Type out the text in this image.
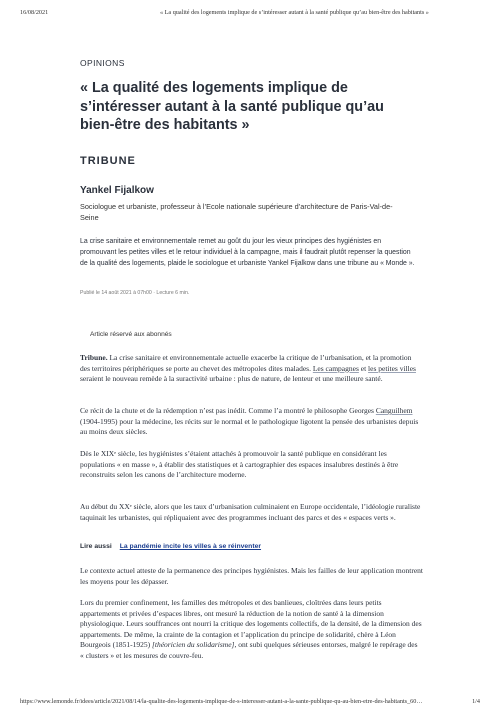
16/08/2021	« La qualité des logements implique de s’intéresser autant à la santé publique qu’au bien-être des habitants »
OPINIONS
« La qualité des logements implique de s’intéresser autant à la santé publique qu’au bien-être des habitants »
TRIBUNE
Yankel Fijalkow
Sociologue et urbaniste, professeur à l’Ecole nationale supérieure d’architecture de Paris-Val-de-Seine
La crise sanitaire et environnementale remet au goût du jour les vieux principes des hygiénistes en promouvant les petites villes et le retour individuel à la campagne, mais il faudrait plutôt repenser la question de la qualité des logements, plaide le sociologue et urbaniste Yankel Fijalkow dans une tribune au « Monde ».
Publié le 14 août 2021 à 07h00 · Lecture 6 min.
Article réservé aux abonnés

Tribune. La crise sanitaire et environnementale actuelle exacerbe la critique de l’urbanisation, et la promotion des territoires périphériques se porte au chevet des métropoles dites malades. Les campagnes et les petites villes seraient le nouveau remède à la suractivité urbaine : plus de nature, de lenteur et une meilleure santé.

Ce récit de la chute et de la rédemption n’est pas inédit. Comme l’a montré le philosophe Georges Canguilhem (1904-1995) pour la médecine, les récits sur le normal et le pathologique ligotent la pensée des urbanistes depuis au moins deux siècles.

Dès le XIXᵉ siècle, les hygiénistes s’étaient attachés à promouvoir la santé publique en considérant les populations « en masse », à établir des statistiques et à cartographier des espaces insalubres destinés à être reconstruits selon les canons de l’architecture moderne.

Au début du XXᵉ siècle, alors que les taux d’urbanisation culminaient en Europe occidentale, l’idéologie ruraliste taquinait les urbanistes, qui répliquaient avec des programmes incluant des parcs et des « espaces verts ».

Lire aussi La pandémie incite les villes à se réinventer

Le contexte actuel atteste de la permanence des principes hygiénistes. Mais les failles de leur application montrent les moyens pour les dépasser.

Lors du premier confinement, les familles des métropoles et des banlieues, cloîtrées dans leurs petits appartements et privées d’espaces libres, ont mesuré la réduction de la notion de santé à la dimension physiologique. Leurs souffrances ont nourri la critique des logements collectifs, de la densité, de la dimension des appartements. De même, la crainte de la contagion et l’application du principe de solidarité, chère à Léon Bourgeois (1851-1925) [théoricien du solidarisme], ont subi quelques sérieuses entorses, malgré le repérage des « clusters » et les mesures de couvre-feu.

https://www.lemonde.fr/idees/article/2021/08/14/la-qualite-des-logements-implique-de-s-interesser-autant-a-la-sante-publique-qu-au-bien-etre-des-habitants_60…	1/4
